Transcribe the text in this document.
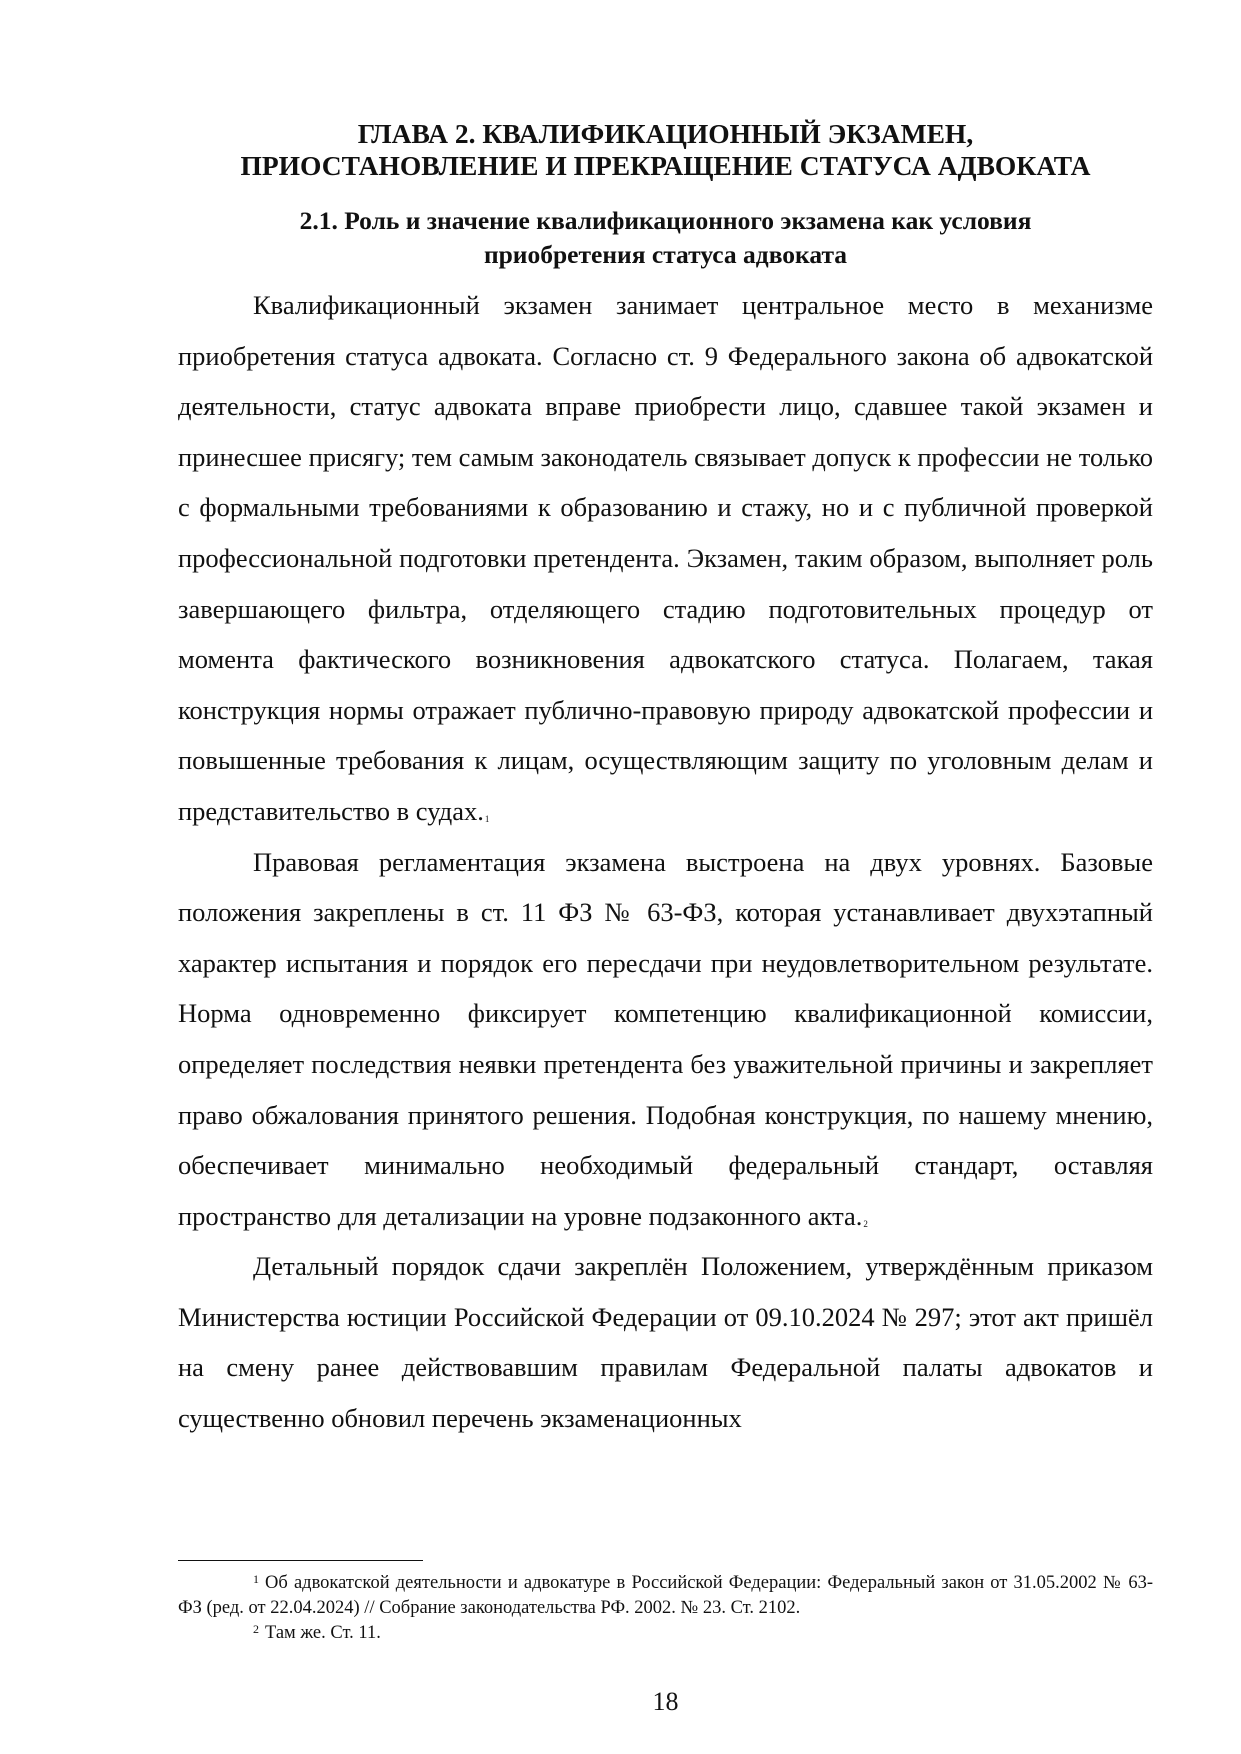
ГЛАВА 2. КВАЛИФИКАЦИОННЫЙ ЭКЗАМЕН,
ПРИОСТАНОВЛЕНИЕ И ПРЕКРАЩЕНИЕ СТАТУСА АДВОКАТА
2.1. Роль и значение квалификационного экзамена как условия
приобретения статуса адвоката

Квалификационный экзамен занимает центральное место в механизме приобретения статуса адвоката. Согласно ст. 9 Федерального закона об адвокатской деятельности, статус адвоката вправе приобрести лицо, сдавшее такой экзамен и принесшее присягу; тем самым законодатель связывает допуск к профессии не только с формальными требованиями к образованию и стажу, но и с публичной проверкой профессиональной подготовки претендента. Экзамен, таким образом, выполняет роль завершающего фильтра, отделяющего стадию подготовительных процедур от момента фактического возникновения адвокатского статуса. Полагаем, такая конструкция нормы отражает публично-правовую природу адвокатской профессии и повышенные требования к лицам, осуществляющим защиту по уголовным делам и представительство в судах.$^1$

Правовая регламентация экзамена выстроена на двух уровнях. Базовые положения закреплены в ст. 11 ФЗ № 63-ФЗ, которая устанавливает двухэтапный характер испытания и порядок его пересдачи при неудовлетворительном результате. Норма одновременно фиксирует компетенцию квалификационной комиссии, определяет последствия неявки претендента без уважительной причины и закрепляет право обжалования принятого решения. Подобная конструкция, по нашему мнению, обеспечивает минимально необходимый федеральный стандарт, оставляя пространство для детализации на уровне подзаконного акта.$^2$

Детальный порядок сдачи закреплён Положением, утверждённым приказом Министерства юстиции Российской Федерации от 09.10.2024 № 297; этот акт пришёл на смену ранее действовавшим правилам Федеральной палаты адвокатов и существенно обновил перечень экзаменационных

$^1$ Об адвокатской деятельности и адвокатуре в Российской Федерации: Федеральный закон от 31.05.2002 № 63-ФЗ (ред. от 22.04.2024) // Собрание законодательства РФ. 2002. № 23. Ст. 2102.

$^2$ Там же. Ст. 11.

18
